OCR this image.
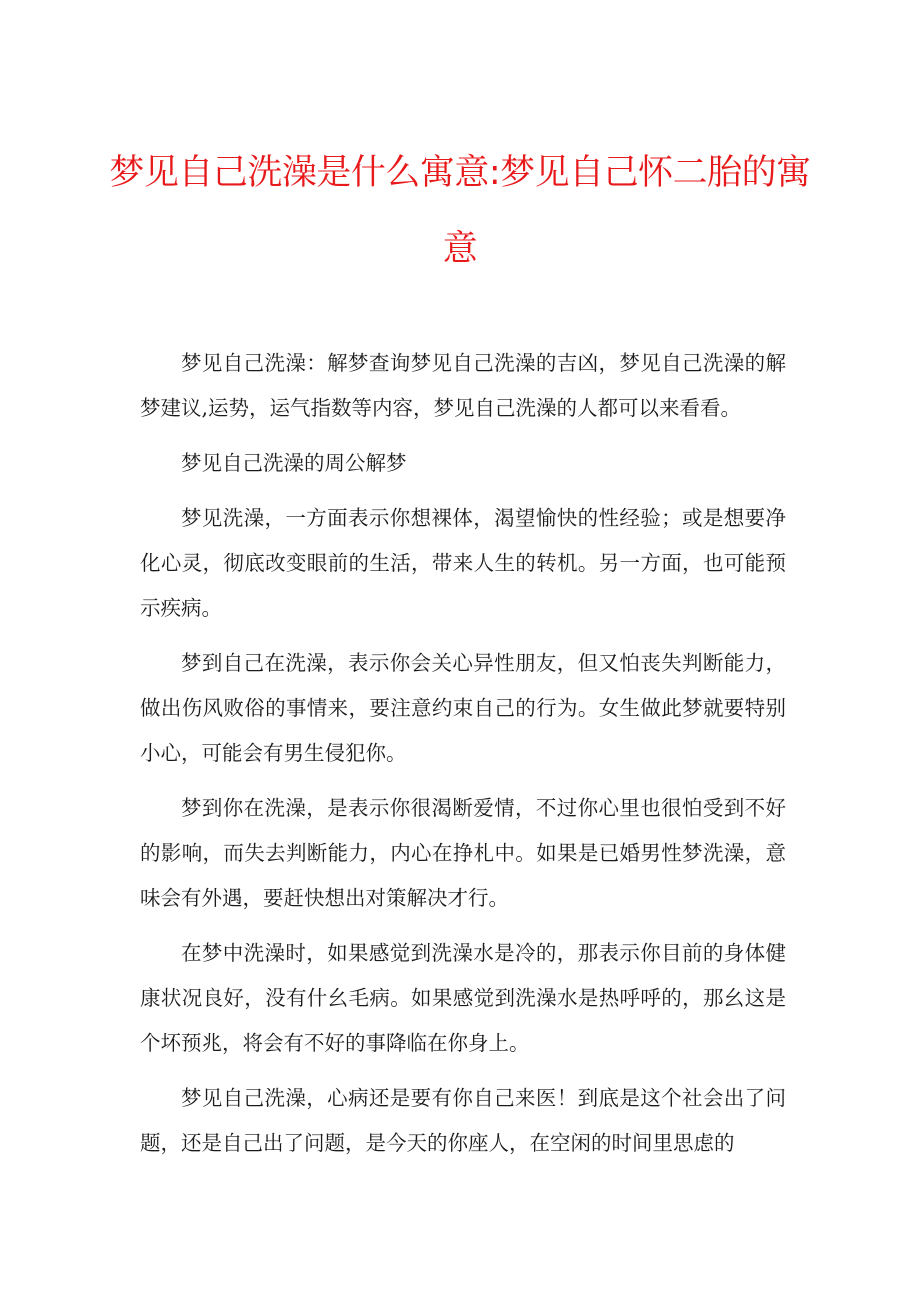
梦见自己洗澡是什么寓意:梦见自己怀二胎的寓意

梦见自己洗澡：解梦查询梦见自己洗澡的吉凶，梦见自己洗澡的解梦建议,运势，运气指数等内容，梦见自己洗澡的人都可以来看看。

梦见自己洗澡的周公解梦

梦见洗澡，一方面表示你想裸体，渴望愉快的性经验；或是想要净化心灵，彻底改变眼前的生活，带来人生的转机。另一方面，也可能预示疾病。

梦到自己在洗澡，表示你会关心异性朋友，但又怕丧失判断能力，做出伤风败俗的事情来，要注意约束自己的行为。女生做此梦就要特别小心，可能会有男生侵犯你。

梦到你在洗澡，是表示你很渴断爱情，不过你心里也很怕受到不好的影响，而失去判断能力，内心在挣札中。如果是已婚男性梦洗澡，意味会有外遇，要赶快想出对策解决才行。

在梦中洗澡时，如果感觉到洗澡水是冷的，那表示你目前的身体健康状况良好，没有什幺毛病。如果感觉到洗澡水是热呼呼的，那幺这是个坏预兆，将会有不好的事降临在你身上。

梦见自己洗澡，心病还是要有你自己来医！到底是这个社会出了问题，还是自己出了问题，是今天的你座人，在空闲的时间里思虑的
